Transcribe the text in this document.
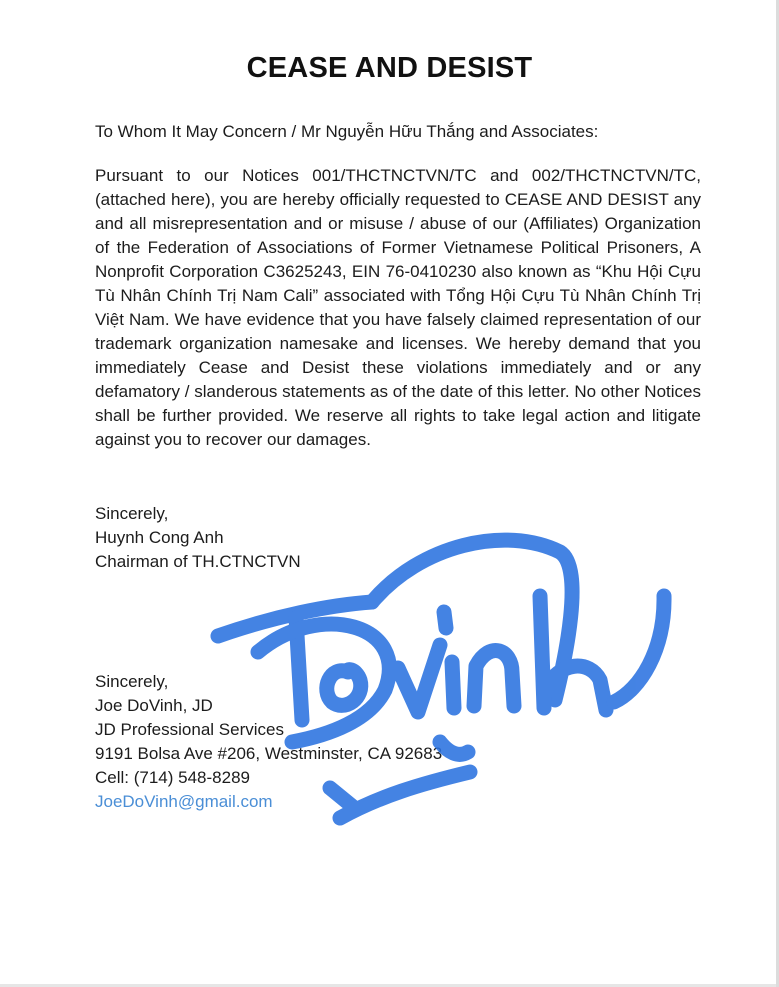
CEASE AND DESIST

To Whom It May Concern / Mr Nguyễn Hữu Thắng and Associates:

Pursuant to our Notices 001/THCTNCTVN/TC and 002/THCTNCTVN/TC, (attached here), you are hereby officially requested to CEASE AND DESIST any and all misrepresentation and or misuse / abuse of our (Affiliates) Organization of the Federation of Associations of Former Vietnamese Political Prisoners, A Nonprofit Corporation C3625243, EIN 76-0410230 also known as “Khu Hội Cựu Tù Nhân Chính Trị Nam Cali” associated with Tổng Hội Cựu Tù Nhân Chính Trị Việt Nam. We have evidence that you have falsely claimed representation of our trademark organization namesake and licenses. We hereby demand that you immediately Cease and Desist these violations immediately and or any defamatory / slanderous statements as of the date of this letter. No other Notices shall be further provided. We reserve all rights to take legal action and litigate against you to recover our damages.

Sincerely,
Huynh Cong Anh
Chairman of TH.CTNCTVN
Sincerely,
Joe DoVinh, JD
JD Professional Services
9191 Bolsa Ave #206, Westminster, CA 92683
Cell: (714) 548-8289
JoeDoVinh@gmail.com
